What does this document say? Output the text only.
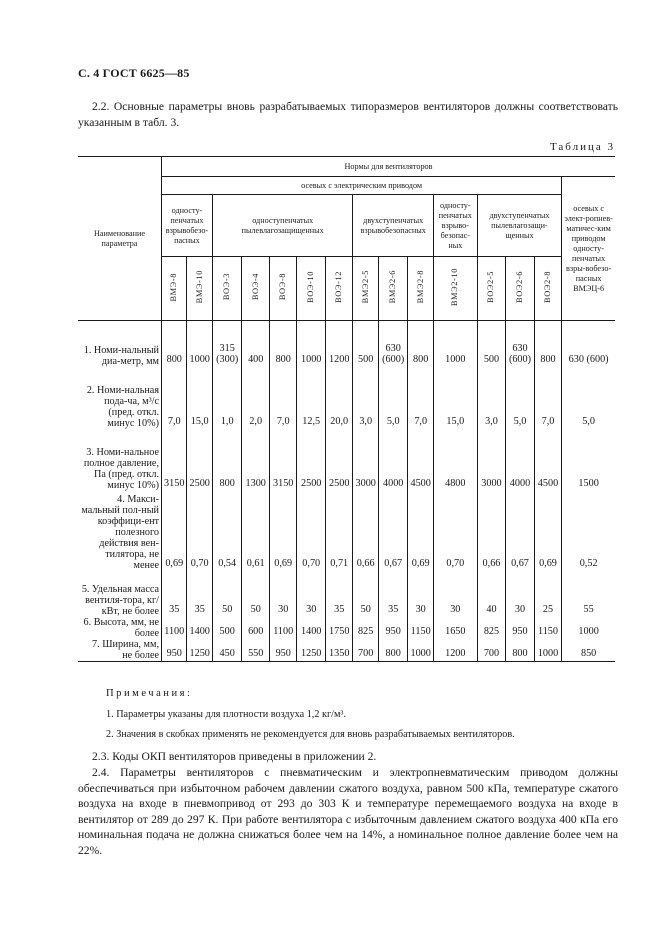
С. 4 ГОСТ 6625—85

2.2. Основные параметры вновь разрабатываемых типоразмеров вентиляторов должны соответствовать указанным в табл. 3.

Таблица 3
Наименование параметра	Нормы для вентиляторов														
	осевых с электрическим приводом														осевых с элект-ропнев-матичес-ким приводом односту-пенчатых взры-вобезо-пасных ВМЭЦ-6
	односту-пенчатых взрывобезо-пасных		одноступенчатых пылевлагозащищенных					двухступенчатых взрывобезопасных			односту-пенчатых взрыво-безопас-ных	двухступенчатых пылевлагозащи-щенных			
	ВМЭ-8	ВМЭ-10	ВОЭ-3	ВОЭ-4	ВОЭ-8	ВОЭ-10	ВОЭ-12	ВМЭ2-5	ВМЭ2-6	ВМЭ2-8	ВМЭ2-10	ВОЭ2-5	ВОЭ2-6	ВОЭ2-8	
1. Номи-нальный диа-метр, мм	800	1000	315 (300)	400	800	1000	1200	500	630 (600)	800	1000	500	630 (600)	800	630 (600)
2. Номи-нальная пода-ча, м³/с (пред. откл. минус 10%)	7,0	15,0	1,0	2,0	7,0	12,5	20,0	3,0	5,0	7,0	15,0	3,0	5,0	7,0	5,0
3. Номи-нальное полное давление, Па (пред. откл. минус 10%)	3150	2500	800	1300	3150	2500	2500	3000	4000	4500	4800	3000	4000	4500	1500
4. Макси-мальный пол-ный коэффици-ент полезного действия вен-тилятора, не менее	0,69	0,70	0,54	0,61	0,69	0,70	0,71	0,66	0,67	0,69	0,70	0,66	0,67	0,69	0,52
5. Удельная масса вентиля-тора, кг/кВт, не более	35	35	50	50	30	30	35	50	35	30	30	40	30	25	55
6. Высота, мм, не более	1100	1400	500	600	1100	1400	1750	825	950	1150	1650	825	950	1150	1000
7. Ширина, мм, не более	950	1250	450	550	950	1250	1350	700	800	1000	1200	700	800	1000	850
Примечания:
1. Параметры указаны для плотности воздуха 1,2 кг/м³.
2. Значения в скобках применять не рекомендуется для вновь разрабатываемых вентиляторов.

2.3. Коды ОКП вентиляторов приведены в приложении 2.

2.4. Параметры вентиляторов с пневматическим и электропневматическим приводом должны обеспечиваться при избыточном рабочем давлении сжатого воздуха, равном 500 кПа, температуре сжатого воздуха на входе в пневмопривод от 293 до 303 К и температуре перемещаемого воздуха на входе в вентилятор от 289 до 297 К. При работе вентилятора с избыточным давлением сжатого воздуха 400 кПа его номинальная подача не должна снижаться более чем на 14%, а номинальное полное давление более чем на 22%.
